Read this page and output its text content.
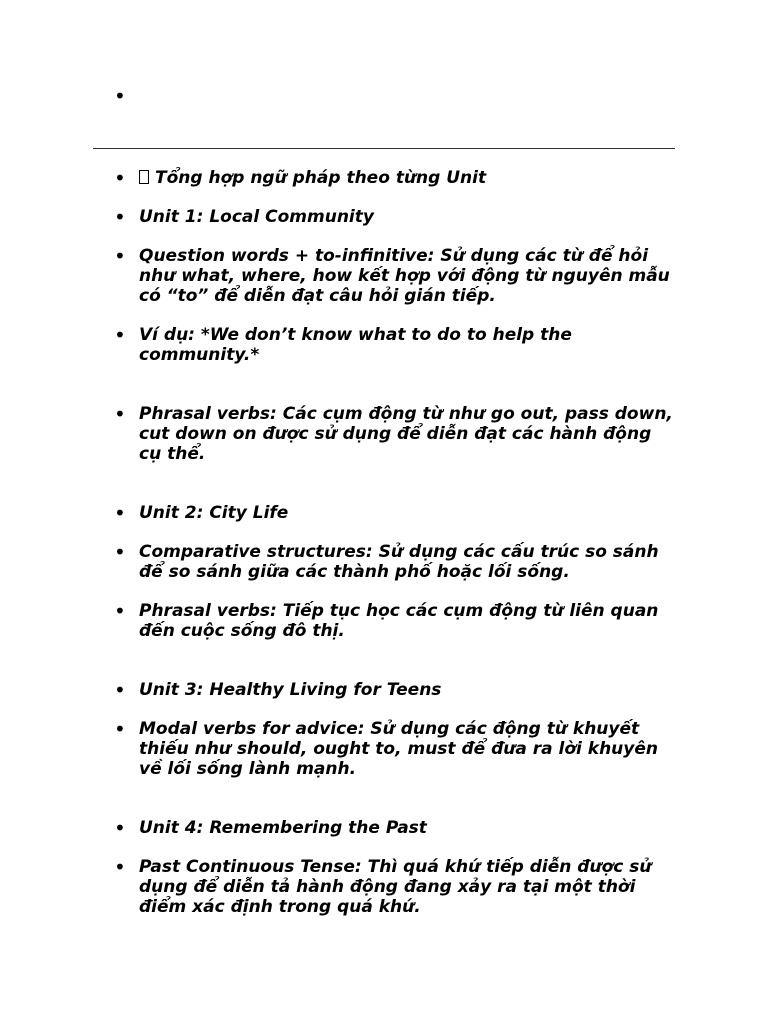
• Tổng hợp ngữ pháp theo từng Unit
• Unit 1: Local Community
• Question words + to-infinitive: Sử dụng các từ để hỏi như what, where, how kết hợp với động từ nguyên mẫu có “to” để diễn đạt câu hỏi gián tiếp.
• Ví dụ: *We don’t know what to do to help the community.*
• Phrasal verbs: Các cụm động từ như go out, pass down, cut down on được sử dụng để diễn đạt các hành động cụ thể.
• Unit 2: City Life
• Comparative structures: Sử dụng các cấu trúc so sánh để so sánh giữa các thành phố hoặc lối sống.
• Phrasal verbs: Tiếp tục học các cụm động từ liên quan đến cuộc sống đô thị.
• Unit 3: Healthy Living for Teens
• Modal verbs for advice: Sử dụng các động từ khuyết thiếu như should, ought to, must để đưa ra lời khuyên về lối sống lành mạnh.
• Unit 4: Remembering the Past
• Past Continuous Tense: Thì quá khứ tiếp diễn được sử dụng để diễn tả hành động đang xảy ra tại một thời điểm xác định trong quá khứ.
